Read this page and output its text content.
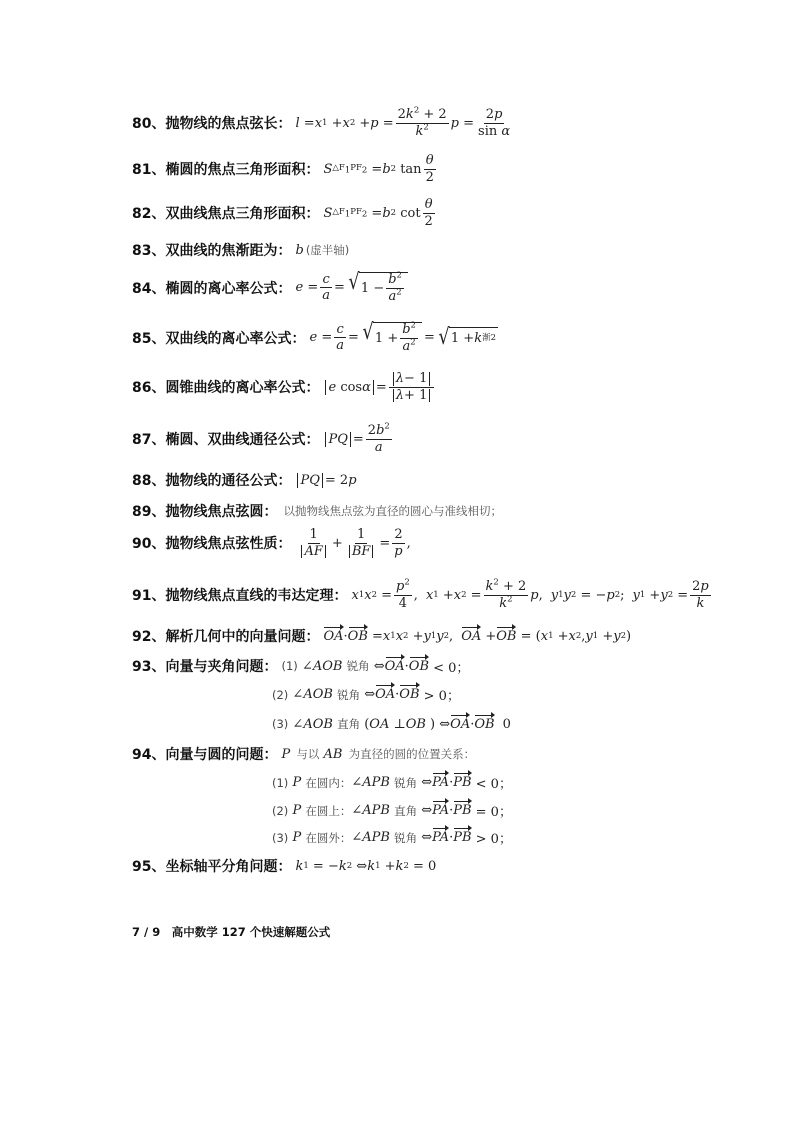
80、抛物线的焦点弦长： l = x 1 + x $2 + p = \frac{2k^2 + 2}{k^2}$ $p = \frac{2p}{\text{sin α}}$
81、椭圆的焦点三角形面积： S $\triangle F_1PF_2 = b$ 2 $\tan \frac{\theta}{2}$
82、双曲线焦点三角形面积： S $\triangle F_1PF_2 = b$ 2 $\cot \frac{\theta}{2}$
83、双曲线的焦渐距为： b (虚半轴)
84、椭圆的离心率公式： $e = \frac{c}{a}$ = √ $1 - \frac{b^2}{a^2}$
85、双曲线的离心率公式： $e = \frac{c}{a}$ = √ $1 + \frac{b^2}{a^2}$ = √ 1 + k 渐 2
86、圆锥曲线的离心率公式： e $\cos \alpha = \frac{\lambda - 1}{\lambda + 1}$
87、椭圆、双曲线通径公式： PQ = $\frac{2b^2}{a}$
88、抛物线的通径公式： PQ = 2 p
89、抛物线焦点弦圆： 以抛物线焦点弦为直径的圆心与准线相切；
90、抛物线焦点弦性质： $\frac{1}{AF} + \frac{1}{BF} = \frac{2}{p}$ ,
91、抛物线焦点直线的韦达定理： x 1 x $2 = \frac{p^2}{4}$ , x 1 + x $2 = \frac{k^2 + 2}{k^2}$ p , y 1 y 2 = − p 2 ; y 1 + y $2 = \frac{2p}{k}$
92、解析几何中的向量问题： OA · OB = x 1 x 2 + y 1 y 2 , OA + OB = ( x 1 + x 2 , y 1 + y 2 )
93、向量与夹角问题： (1) ∠ AOB
锐角 ⇔ OA · OB < 0；
(2) ∠ AOB
锐角 ⇔ OA · OB > 0；
(3) ∠ AOB
直角 ( OA ⊥ OB ) ⇔ OA · OB 0
94、向量与圆的问题： P
与以
AB
为直径的圆的位置关系：
(1)
P
在圆内： ∠ APB
锐角 ⇔ PA · PB < 0；
(2)
P
在圆上： ∠ APB
直角 ⇔ PA · PB = 0；
(3)
P
在圆外： ∠ APB
锐角 ⇔ PA · PB > 0；
95、坐标轴平分角问题： k 1 = − k 2 ⇔ k 1 + k 2 = 0
7 / 9　高中数学 127 个快速解题公式
